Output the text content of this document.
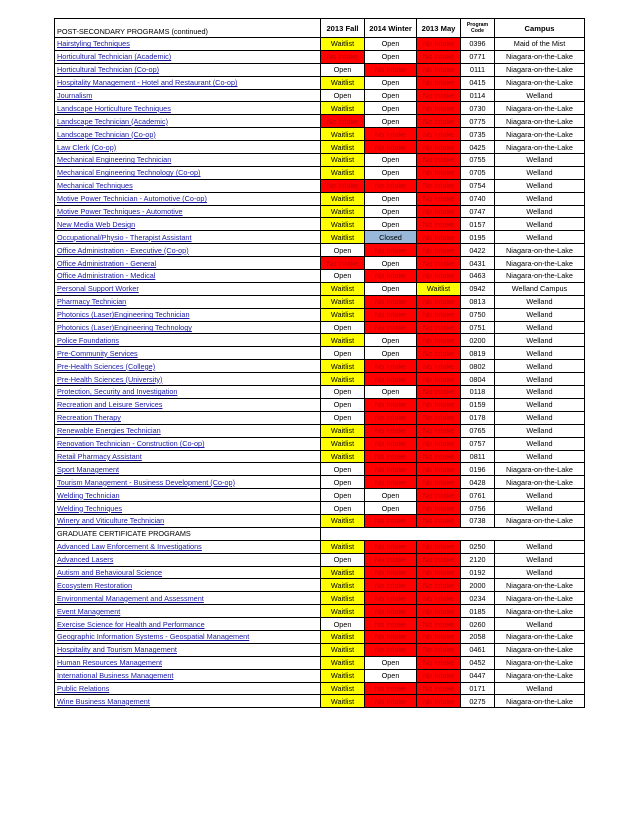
POST-SECONDARY PROGRAMS (continued)	2013 Fall	2014 Winter	2013 May	Program
Code	Campus
Hairstyling Techniques	Waitlist	Open	No Intake	0396	Maid of the Mist
Horticultural Technician (Academic)	No Intake	Open	No Intake	0771	Niagara-on-the-Lake
Horticultural Technician (Co-op)	Open	No Intake	No Intake	0111	Niagara-on-the-Lake
Hospitality Management - Hotel and Restaurant (Co-op)	Waitlist	Open	No Intake	0415	Niagara-on-the-Lake
Journalism	Open	Open	No Intake	0114	Welland
Landscape Horticulture Techniques	Waitlist	Open	No Intake	0730	Niagara-on-the-Lake
Landscape Technician (Academic)	No Intake	Open	No Intake	0775	Niagara-on-the-Lake
Landscape Technician (Co-op)	Waitlist	No Intake	No Intake	0735	Niagara-on-the-Lake
Law Clerk (Co-op)	Waitlist	No Intake	No Intake	0425	Niagara-on-the-Lake
Mechanical Engineering Technician	Waitlist	Open	No Intake	0755	Welland
Mechanical Engineering Technology (Co-op)	Waitlist	Open	No Intake	0705	Welland
Mechanical Techniques	No Intake	No Intake	No Intake	0754	Welland
Motive Power Technician - Automotive (Co-op)	Waitlist	Open	No Intake	0740	Welland
Motive Power Techniques - Automotive	Waitlist	Open	No Intake	0747	Welland
New Media Web Design	Waitlist	Open	No Intake	0157	Welland
Occupational/Physio - Therapist Assistant	Waitlist	Closed	No Intake	0195	Welland
Office Administration - Executive (Co-op)	Open	No Intake	No Intake	0422	Niagara-on-the-Lake
Office Administration - General	No Intake	Open	No Intake	0431	Niagara-on-the-Lake
Office Administration - Medical	Open	No Intake	No Intake	0463	Niagara-on-the-Lake
Personal Support Worker	Waitlist	Open	Waitlist	0942	Welland Campus
Pharmacy Technician	Waitlist	No Intake	No Intake	0813	Welland
Photonics (Laser)Engineering Technician	Waitlist	No Intake	No Intake	0750	Welland
Photonics (Laser)Engineering Technology	Open	No Intake	No Intake	0751	Welland
Police Foundations	Waitlist	Open	No Intake	0200	Welland
Pre-Community Services	Open	Open	No Intake	0819	Welland
Pre-Health Sciences (College)	Waitlist	No Intake	No Intake	0802	Welland
Pre-Health Sciences (University)	Waitlist	No Intake	No Intake	0804	Welland
Protection, Security and Investigation	Open	Open	No Intake	0118	Welland
Recreation and Leisure Services	Open	No Intake	No Intake	0159	Welland
Recreation Therapy	Open	No Intake	No Intake	0178	Welland
Renewable Energies Technician	Waitlist	No Intake	No Intake	0765	Welland
Renovation Technician - Construction (Co-op)	Waitlist	No Intake	No Intake	0757	Welland
Retail Pharmacy Assistant	Waitlist	No Intake	No Intake	0811	Welland
Sport Management	Open	No Intake	No Intake	0196	Niagara-on-the-Lake
Tourism Management - Business Development (Co-op)	Open	No Intake	No Intake	0428	Niagara-on-the-Lake
Welding Technician	Open	Open	No Intake	0761	Welland
Welding Techniques	Open	Open	No Intake	0756	Welland
Winery and Viticulture Technician	Waitlist	No Intake	No Intake	0738	Niagara-on-the-Lake
GRADUATE CERTIFICATE PROGRAMS					
Advanced Law Enforcement & Investigations	Waitlist	No Intake	No Intake	0250	Welland
Advanced Lasers	Open	No Intake	No Intake	2120	Welland
Autism and Behavioural Science	Waitlist	No Intake	No Intake	0192	Welland
Ecosystem Restoration	Waitlist	No Intake	No Intake	2000	Niagara-on-the-Lake
Environmental Management and Assessment	Waitlist	No Intake	No Intake	0234	Niagara-on-the-Lake
Event Management	Waitlist	No Intake	No Intake	0185	Niagara-on-the-Lake
Exercise Science for Health and Performance	Open	No Intake	No Intake	0260	Welland
Geographic Information Systems - Geospatial Management	Waitlist	No Intake	No Intake	2058	Niagara-on-the-Lake
Hospitality and Tourism Management	Waitlist	No Intake	No Intake	0461	Niagara-on-the-Lake
Human Resources Management	Waitlist	Open	No Intake	0452	Niagara-on-the-Lake
International Business Management	Waitlist	Open	No Intake	0447	Niagara-on-the-Lake
Public Relations	Waitlist	No Intake	No Intake	0171	Welland
Wine Business Management	Waitlist	No Intake	No Intake	0275	Niagara-on-the-Lake
